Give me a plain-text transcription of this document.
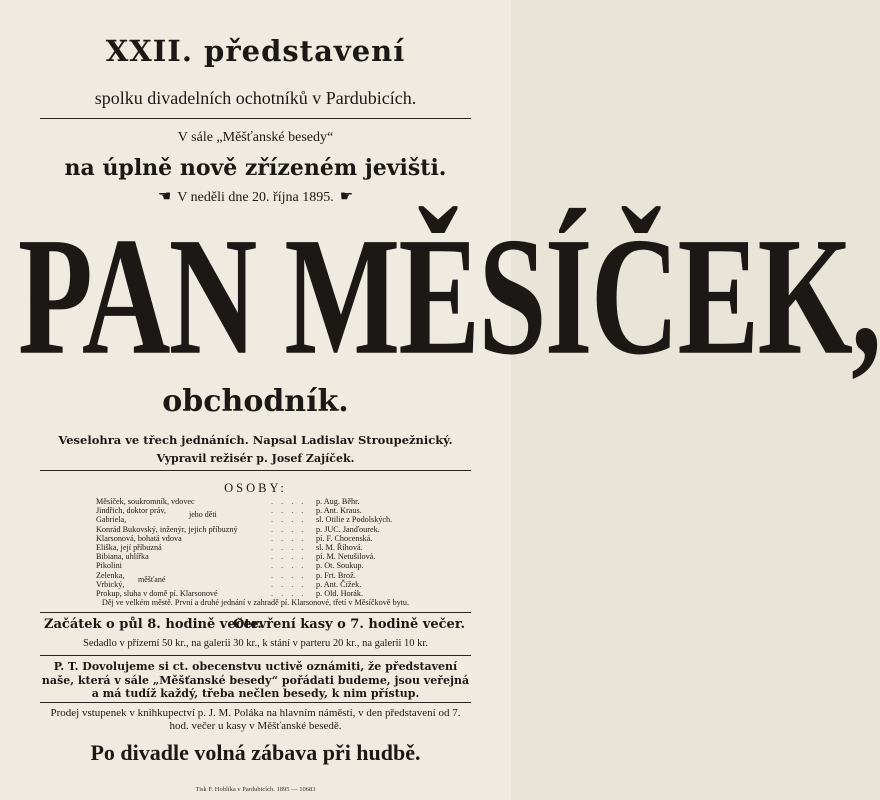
XXII. představení
spolku divadelních ochotníků v Pardubicích.
V sále „Měšťanské besedy“
na úplně nově zřízeném jevišti.
☚ V neděli dne 20. října 1895. ☛
PAN MĚSÍČEK,
obchodník.
Veselohra ve třech jednáních. Napsal Ladislav Stroupežnický.
Vypravil režisér p. Josef Zajíček.
OSOBY:
Měsíček, soukromník, vdovec	. . . .	p. Aug. Běhr.
Jindřich, doktor práv,	jeho děti	. . . .	p. Ant. Kraus.
Gabriela,	. . . .	sl. Otilie z Podolských.
Konrád Bukovský, inženýr, jejich příbuzný	. . . .	p. JUC. Janďourek.
Klarsonová, bohatá vdova	. . . .	pí. F. Chocenská.
Eliška, její příbuzná	. . . .	sl. M. Říhová.
Bibiana, uhlířka	. . . .	pí. M. Netušilová.
Pikolini	. . . .	p. Ot. Soukup.
Zelenka, měšťané	. . . .	p. Frt. Brož.
Vrbický,	. . . .	p. Ant. Čížek.
Prokup, sluha v domě pí. Klarsonové	. . . .	p. Old. Horák.
Děj ve velkém městě. První a druhé jednání v zahradě pí. Klarsonové, třetí v Měsíčkově bytu.
Začátek o půl 8. hodině večer.
Otevření kasy o 7. hodině večer.
Sedadlo v přízemí 50 kr., na galerii 30 kr., k stání v parteru 20 kr., na galerii 10 kr.
P. T. Dovolujeme si ct. obecenstvu uctivě oznámiti, že představení naše, která v sále „Měšťanské besedy“ pořádati budeme, jsou veřejná a má tudíž každý, třeba nečlen besedy, k nim přístup.
Prodej vstupenek v knihkupectví p. J. M. Poláka na hlavním náměstí, v den představení od 7. hod. večer u kasy v Měšťanské besedě.
Po divadle volná zábava při hudbě.
Tisk F. Hoblíka v Pardubicích. 1895 — 10683
